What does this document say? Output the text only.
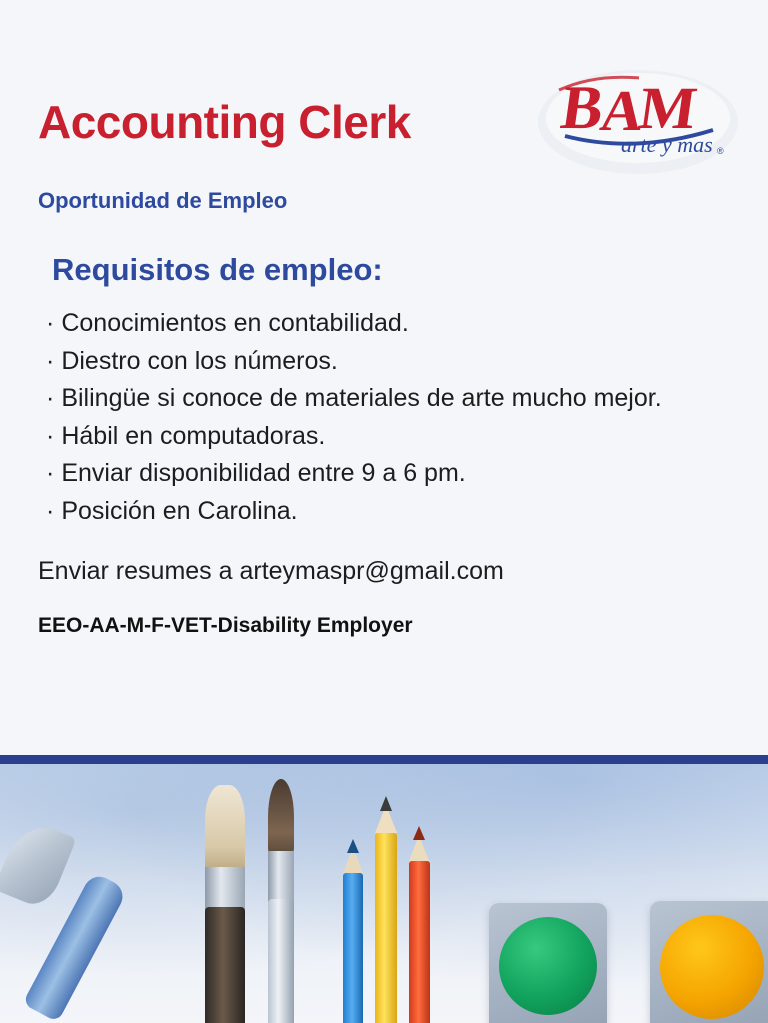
B
A
M
arte y mas ®
Accounting Clerk
Oportunidad de Empleo
Requisitos de empleo:
· Conocimientos en contabilidad.
· Diestro con los números.
· Bilingüe si conoce de materiales de arte mucho mejor.
· Hábil en computadoras.
· Enviar disponibilidad entre 9 a 6 pm.
· Posición en Carolina.

Enviar resumes a arteymaspr@gmail.com

EEO-AA-M-F-VET-Disability Employer
